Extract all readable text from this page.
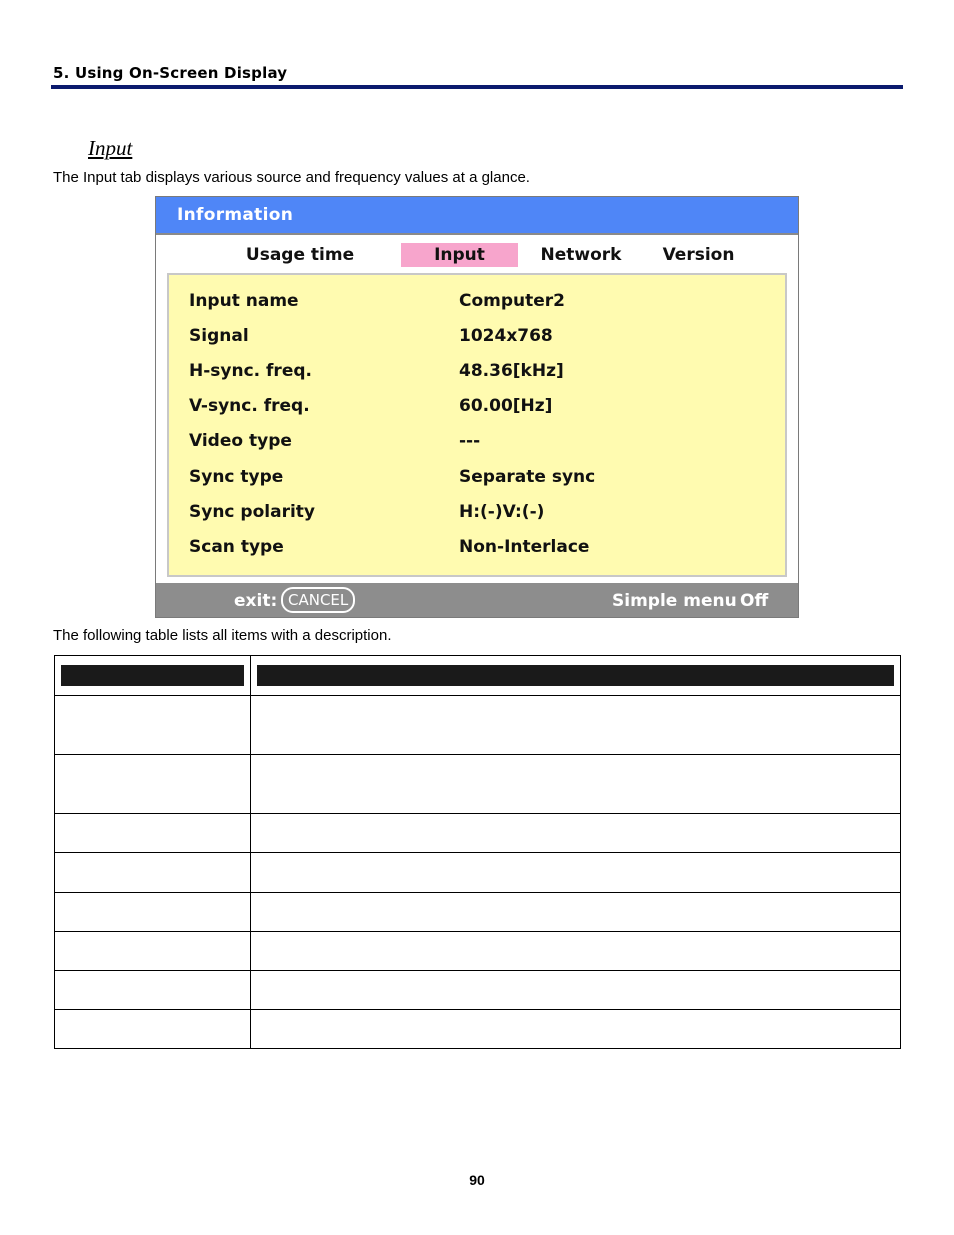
5. Using On-Screen Display
Input
The Input tab displays various source and frequency values at a glance.
Information
Usage time	Input	Network	Version
Input name	Computer2
Signal	1024x768
H-sync. freq.	48.36[kHz]
V-sync. freq.	60.00[Hz]
Video type	---
Sync type	Separate sync
Sync polarity	H:(-)V:(-)
Scan type	Non-Interlace
exit: CANCEL	Simple menu Off
The following table lists all items with a description.

90
